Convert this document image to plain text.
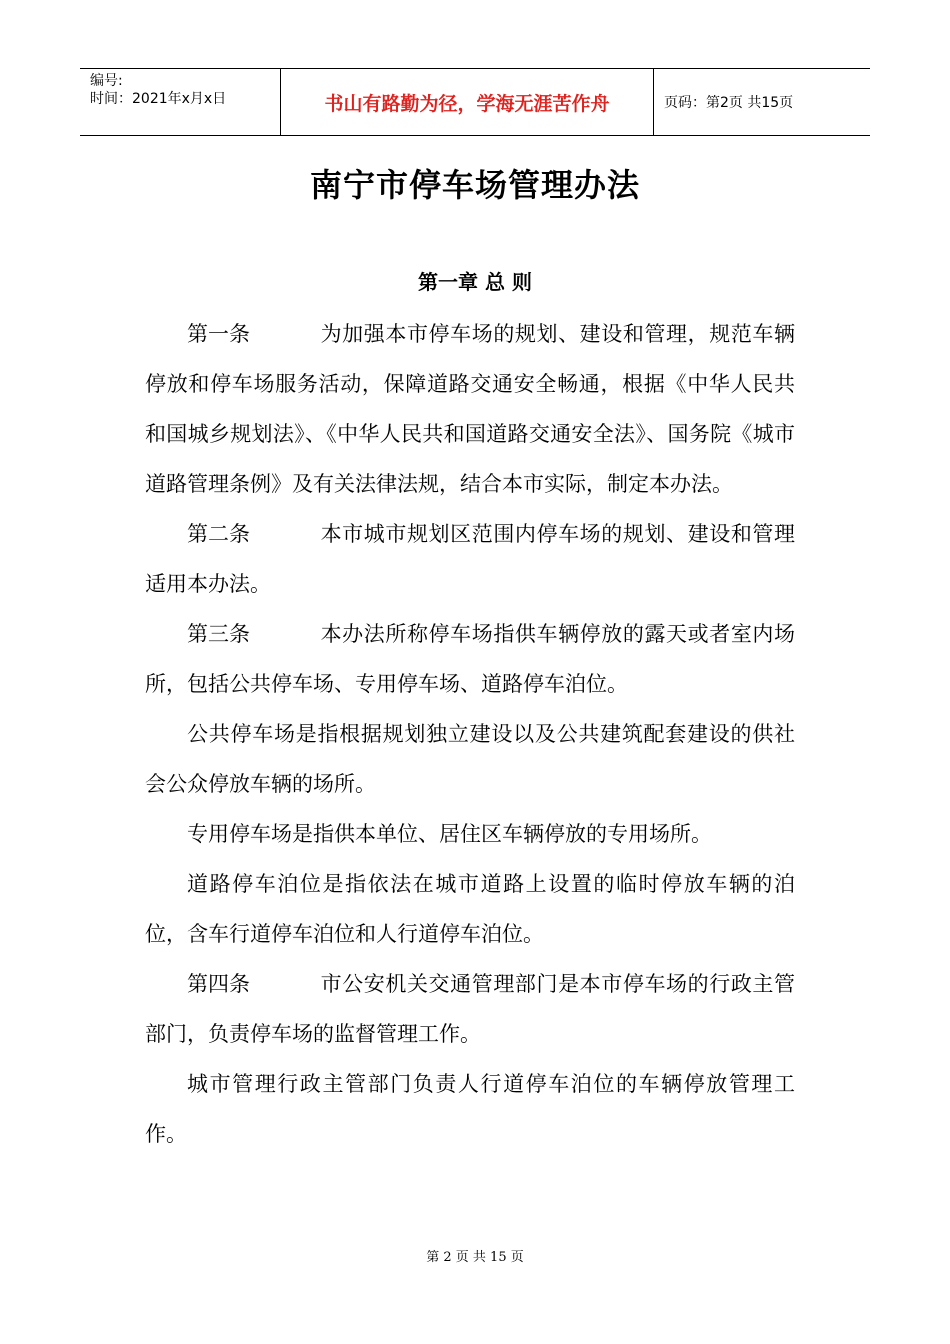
编号:
时间：2021年x月x日	书山有路勤为径，学海无涯苦作舟	页码：第2页 共15页
南宁市停车场管理办法
第一章 总 则

第一条	为加强本市停车场的规划、建设和管理，规范车辆停放和停车场服务活动，保障道路交通安全畅通，根据《中华人民共和国城乡规划法》、《中华人民共和国道路交通安全法》、国务院《城市道路管理条例》及有关法律法规，结合本市实际，制定本办法。

第二条	本市城市规划区范围内停车场的规划、建设和管理适用本办法。

第三条	本办法所称停车场指供车辆停放的露天或者室内场所，包括公共停车场、专用停车场、道路停车泊位。

公共停车场是指根据规划独立建设以及公共建筑配套建设的供社会公众停放车辆的场所。

专用停车场是指供本单位、居住区车辆停放的专用场所。

道路停车泊位是指依法在城市道路上设置的临时停放车辆的泊位，含车行道停车泊位和人行道停车泊位。

第四条	市公安机关交通管理部门是本市停车场的行政主管部门，负责停车场的监督管理工作。

城市管理行政主管部门负责人行道停车泊位的车辆停放管理工作。

第 2 页 共 15 页
